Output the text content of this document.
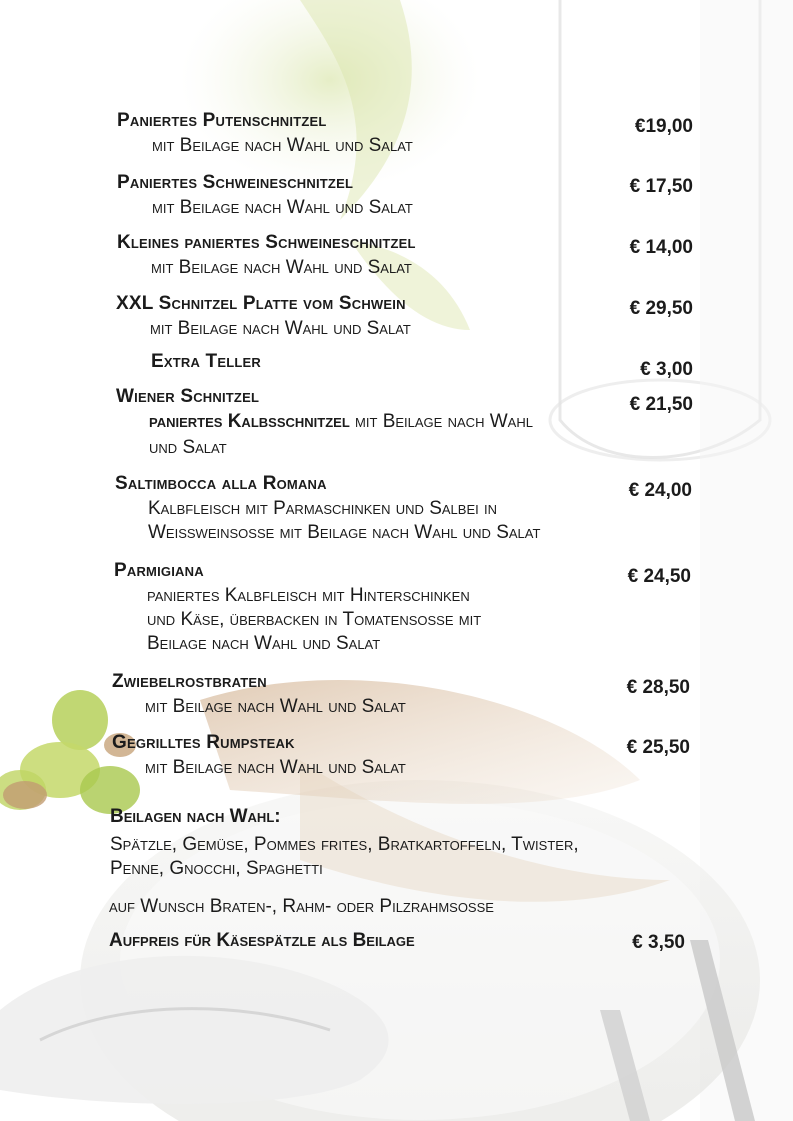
Paniertes Putenschnitzel
mit Beilage nach Wahl und Salat
€19,00
Paniertes Schweineschnitzel
mit Beilage nach Wahl und Salat
€ 17,50
Kleines paniertes Schweineschnitzel
mit Beilage nach Wahl und Salat
€ 14,00
XXL Schnitzel Platte vom Schwein
mit Beilage nach Wahl und Salat
€ 29,50
Extra Teller	€ 3,00
Wiener Schnitzel
paniertes Kalbsschnitzel mit Beilage nach Wahl
und Salat
€ 21,50
Saltimbocca alla Romana
Kalbfleisch mit Parmaschinken und Salbei in
Weissweinsosse mit Beilage nach Wahl und Salat
€ 24,00
Parmigiana
paniertes Kalbfleisch mit Hinterschinken
und Käse, überbacken in Tomatensosse mit
Beilage nach Wahl und Salat
€ 24,50
Zwiebelrostbraten
mit Beilage nach Wahl und Salat
€ 28,50
Gegrilltes Rumpsteak
mit Beilage nach Wahl und Salat
€ 25,50
Beilagen nach Wahl:
Spätzle, Gemüse, Pommes frites, Bratkartoffeln, Twister,
Penne, Gnocchi, Spaghetti
auf Wunsch Braten-, Rahm- oder Pilzrahmsosse
Aufpreis für Käsespätzle als Beilage	€ 3,50
